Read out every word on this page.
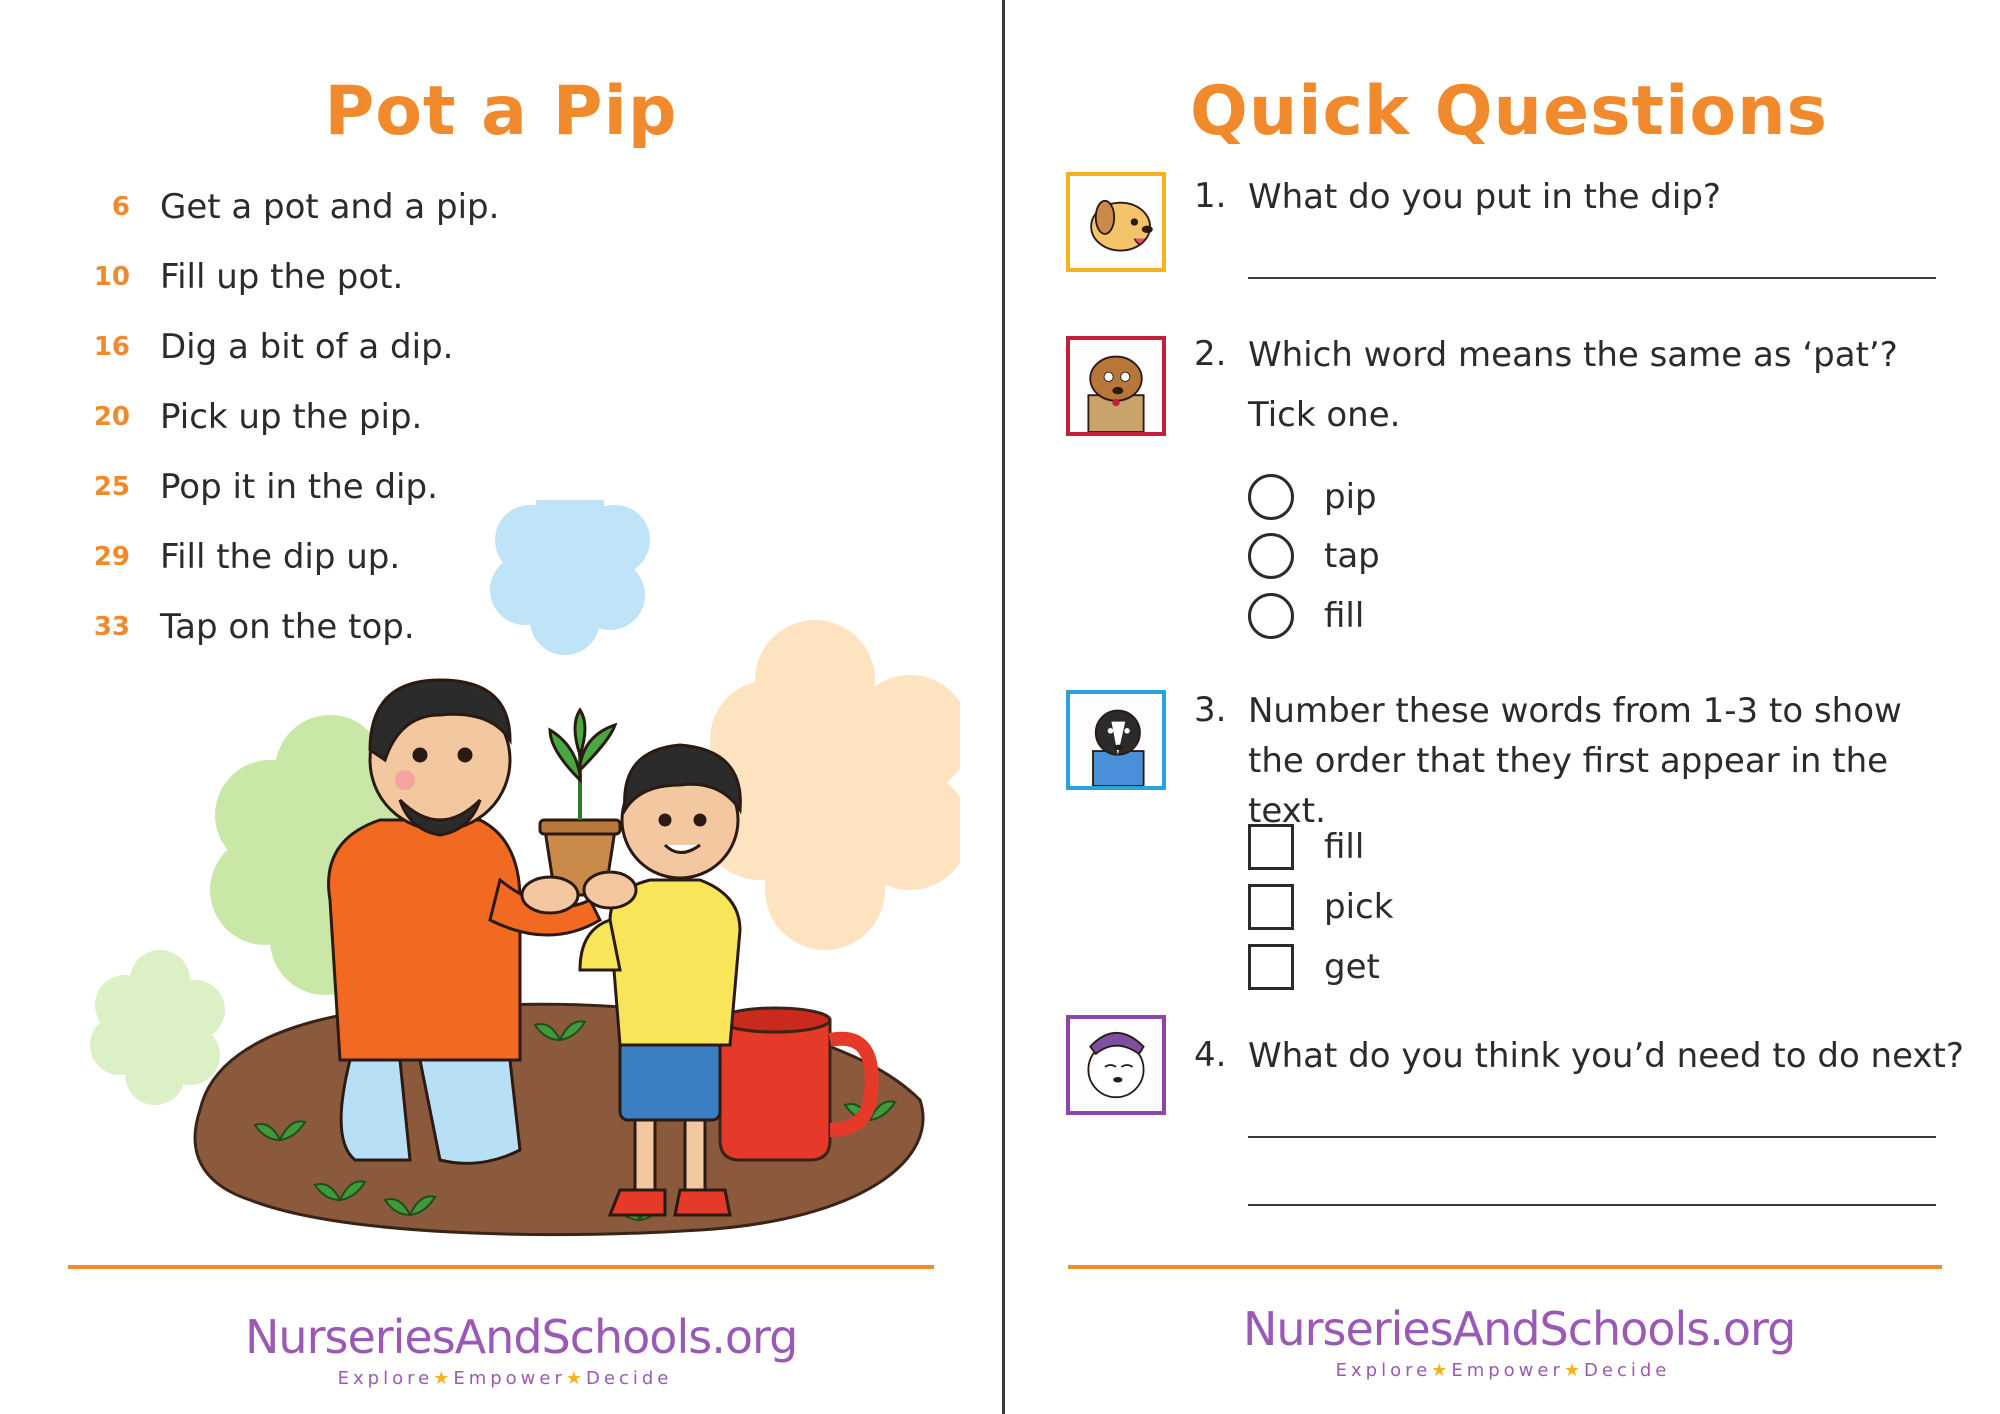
Pot a Pip
6 Get a pot and a pip.
10 Fill up the pot.
16 Dig a bit of a dip.
20 Pick up the pip.
25 Pop it in the dip.
29 Fill the dip up.
33 Tap on the top.
NurseriesAndSchools.org
Explore★Empower★Decide
Quick Questions
1. What do you put in the dip?
2. Which word means the same as ‘pat’?
Tick one.
pip
tap
fill
3. Number these words from 1-3 to show the order that they first appear in the text.
fill
pick
get
4. What do you think you’d need to do next?
NurseriesAndSchools.org
Explore★Empower★Decide
